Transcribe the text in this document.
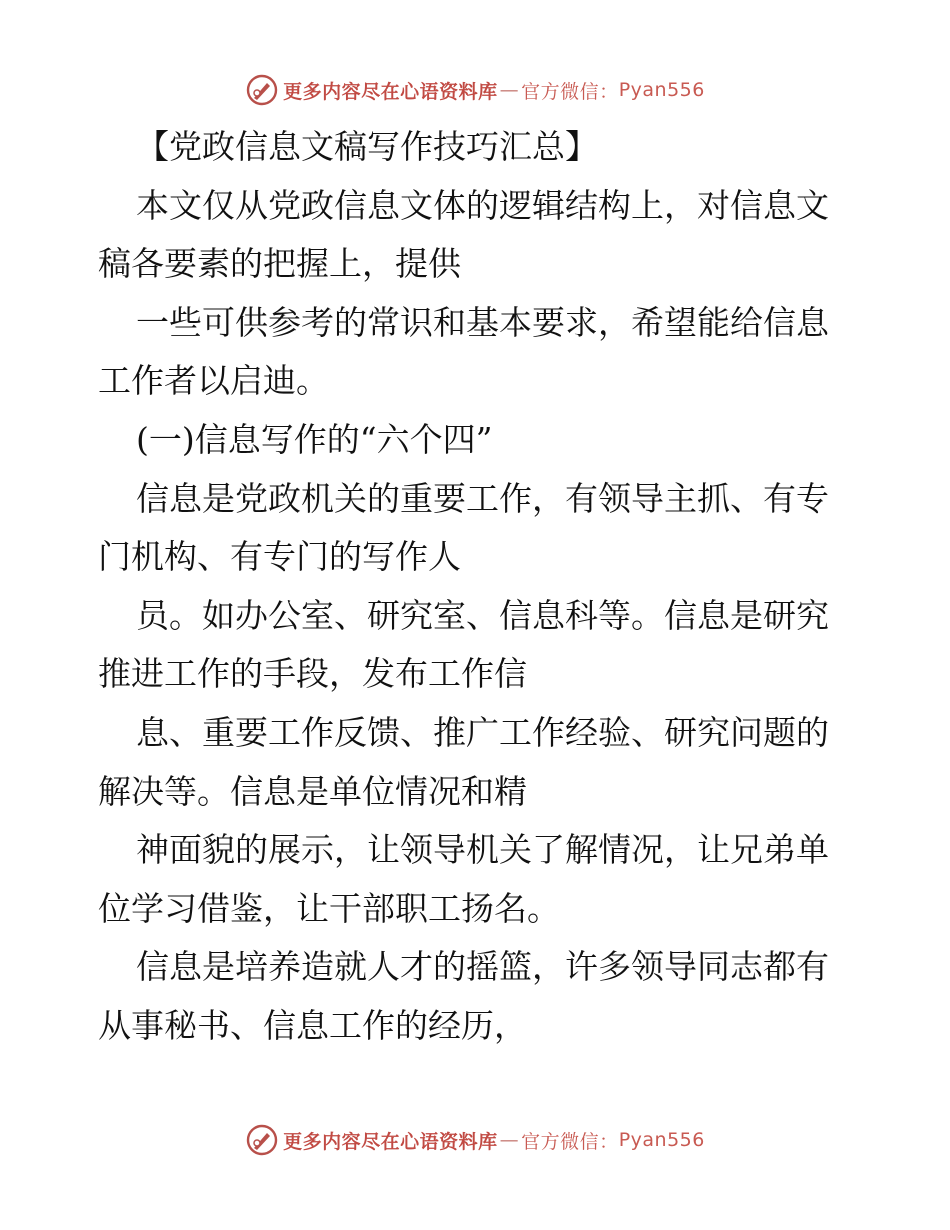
更多内容尽在心语资料库 — 官方微信： Pyan556
【党政信息文稿写作技巧汇总】
本文仅从党政信息文体的逻辑结构上，对信息文
稿各要素的把握上，提供
一些可供参考的常识和基本要求，希望能给信息
工作者以启迪。
(一)信息写作的“六个四”
信息是党政机关的重要工作，有领导主抓、有专
门机构、有专门的写作人
员。如办公室、研究室、信息科等。信息是研究
推进工作的手段，发布工作信
息、重要工作反馈、推广工作经验、研究问题的
解决等。信息是单位情况和精
神面貌的展示，让领导机关了解情况，让兄弟单
位学习借鉴，让干部职工扬名。
信息是培养造就人才的摇篮，许多领导同志都有
从事秘书、信息工作的经历，
更多内容尽在心语资料库 — 官方微信： Pyan556
